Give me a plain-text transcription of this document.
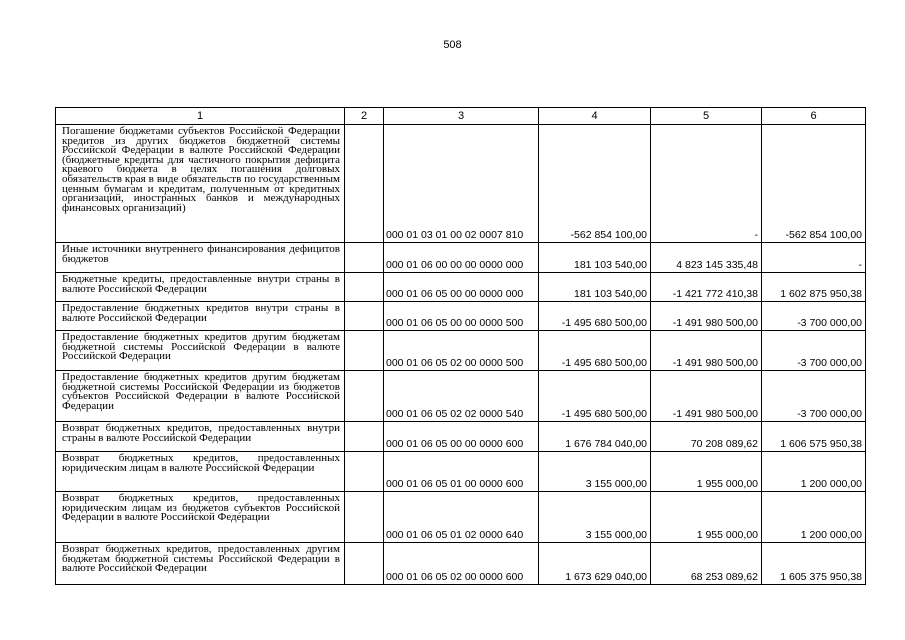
508
1	2	3	4	5	6
Погашение бюджетами субъектов Российской Федерации кредитов из других бюджетов бюджетной системы Российской Федерации в валюте Российской Федерации (бюджетные кредиты для частичного покрытия дефицита краевого бюджета в целях погашения долговых обязательств края в виде обязательств по государственным ценным бумагам и кредитам, полученным от кредитных организаций, иностранных банков и международных финансовых организаций)		000 01 03 01 00 02 0007 810	-562 854 100,00	-	-562 854 100,00
Иные источники внутреннего финансирования дефицитов бюджетов		000 01 06 00 00 00 0000 000	181 103 540,00	4 823 145 335,48	-
Бюджетные кредиты, предоставленные внутри страны в валюте Российской Федерации		000 01 06 05 00 00 0000 000	181 103 540,00	-1 421 772 410,38	1 602 875 950,38
Предоставление бюджетных кредитов внутри страны в валюте Российской Федерации		000 01 06 05 00 00 0000 500	-1 495 680 500,00	-1 491 980 500,00	-3 700 000,00
Предоставление бюджетных кредитов другим бюджетам бюджетной системы Российской Федерации в валюте Российской Федерации		000 01 06 05 02 00 0000 500	-1 495 680 500,00	-1 491 980 500,00	-3 700 000,00
Предоставление бюджетных кредитов другим бюджетам бюджетной системы Российской Федерации из бюджетов субъектов Российской Федерации в валюте Российской Федерации		000 01 06 05 02 02 0000 540	-1 495 680 500,00	-1 491 980 500,00	-3 700 000,00
Возврат бюджетных кредитов, предоставленных внутри страны в валюте Российской Федерации		000 01 06 05 00 00 0000 600	1 676 784 040,00	70 208 089,62	1 606 575 950,38
Возврат бюджетных кредитов, предоставленных юридическим лицам в валюте Российской Федерации		000 01 06 05 01 00 0000 600	3 155 000,00	1 955 000,00	1 200 000,00
Возврат бюджетных кредитов, предоставленных юридическим лицам из бюджетов субъектов Российской Федерации в валюте Российской Федерации		000 01 06 05 01 02 0000 640	3 155 000,00	1 955 000,00	1 200 000,00
Возврат бюджетных кредитов, предоставленных другим бюджетам бюджетной системы Российской Федерации в валюте Российской Федерации		000 01 06 05 02 00 0000 600	1 673 629 040,00	68 253 089,62	1 605 375 950,38
